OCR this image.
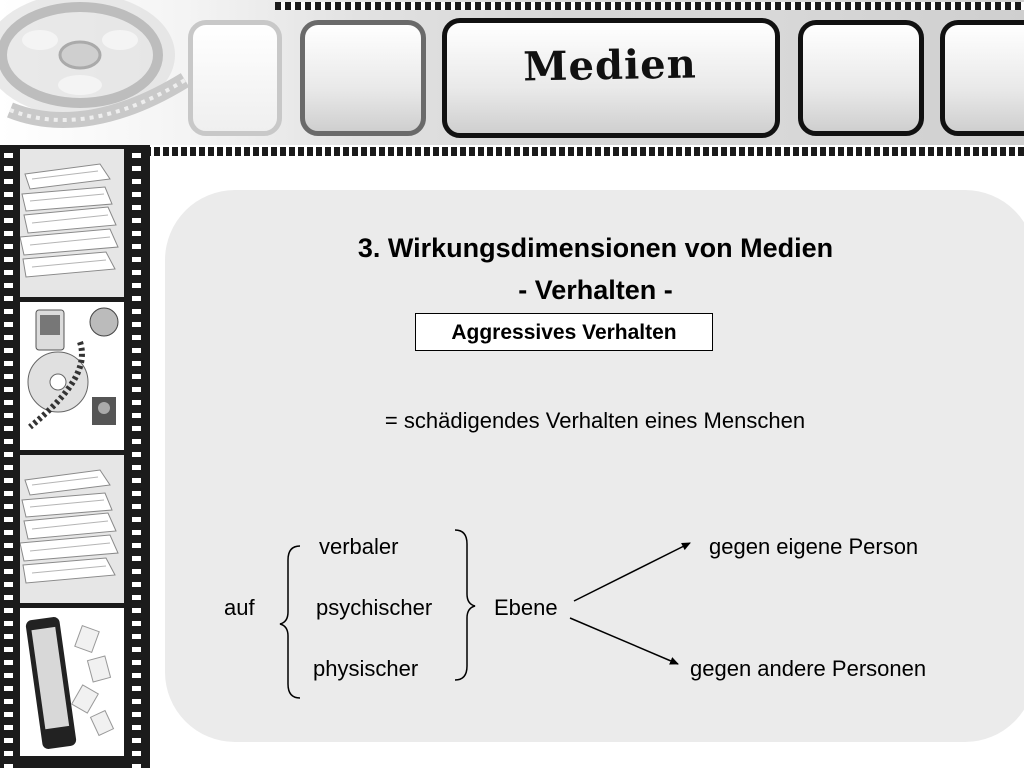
Medien
3. Wirkungsdimensionen von Medien
- Verhalten -
Aggressives Verhalten
= schädigendes Verhalten eines Menschen
auf
verbaler
psychischer
physischer
Ebene
gegen eigene Person
gegen andere Personen
